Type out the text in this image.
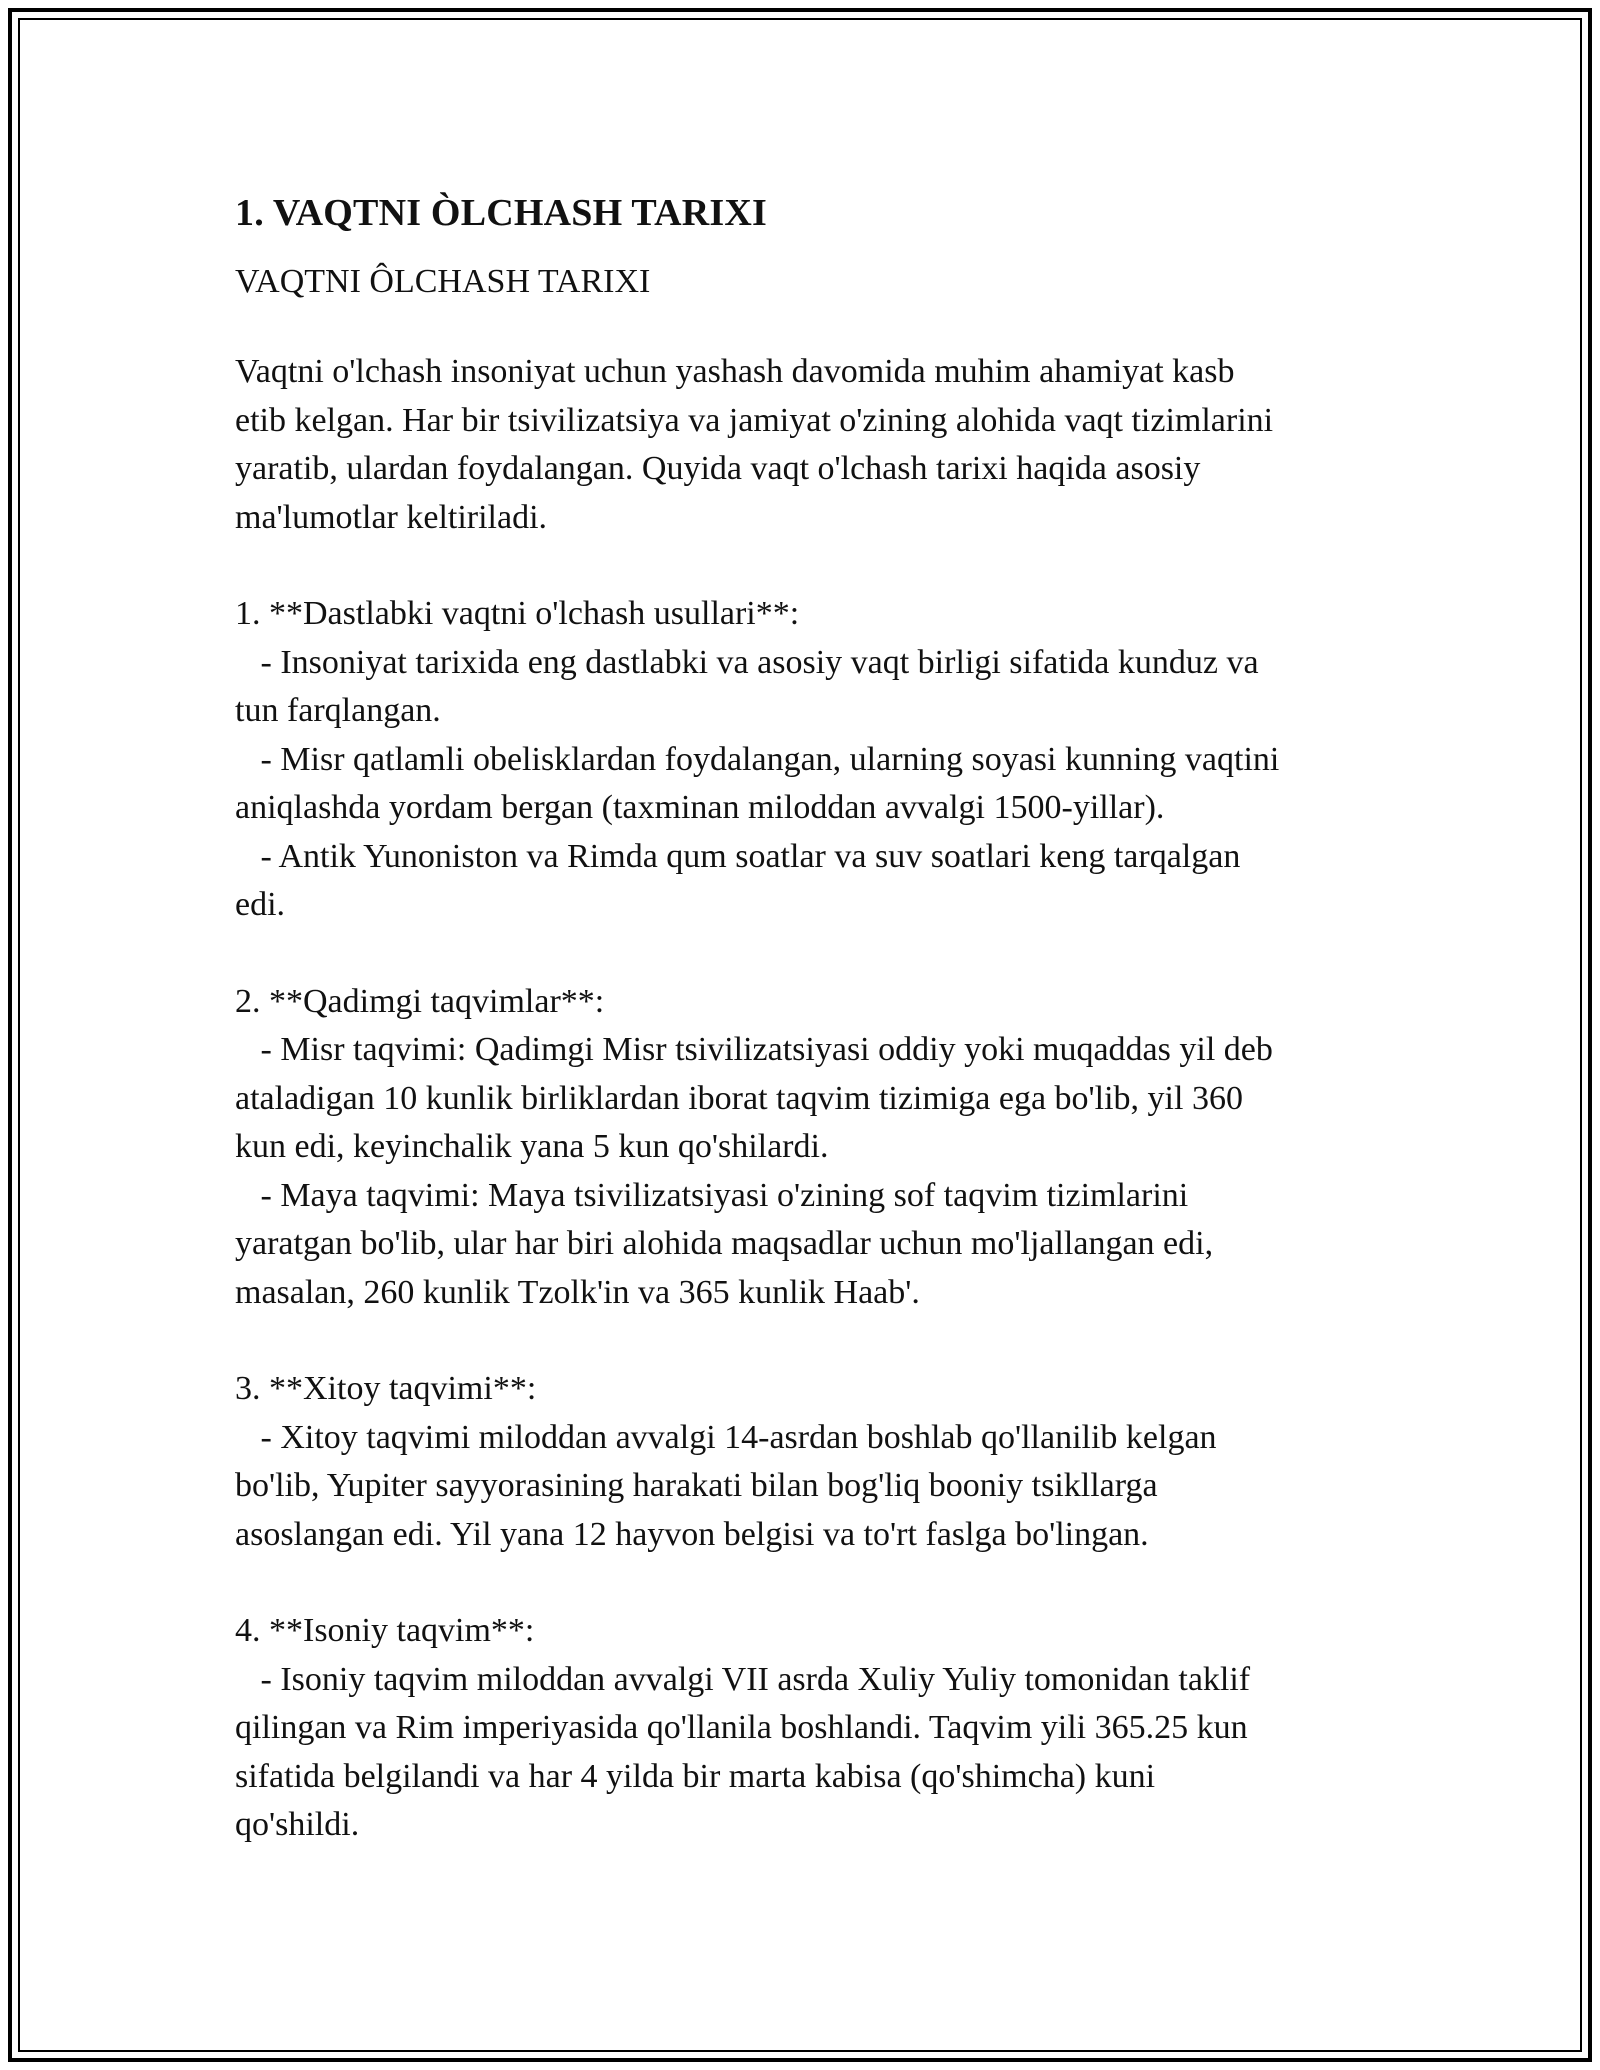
1. VAQTNI ÒLCHASH TARIXI

VAQTNI ÔLCHASH TARIXI

Vaqtni o'lchash insoniyat uchun yashash davomida muhim ahamiyat kasb
etib kelgan. Har bir tsivilizatsiya va jamiyat o'zining alohida vaqt tizimlarini
yaratib, ulardan foydalangan. Quyida vaqt o'lchash tarixi haqida asosiy
ma'lumotlar keltiriladi.
1. **Dastlabki vaqtni o'lchash usullari**:
- Insoniyat tarixida eng dastlabki va asosiy vaqt birligi sifatida kunduz va
tun farqlangan.
- Misr qatlamli obelisklardan foydalangan, ularning soyasi kunning vaqtini
aniqlashda yordam bergan (taxminan miloddan avvalgi 1500-yillar).
- Antik Yunoniston va Rimda qum soatlar va suv soatlari keng tarqalgan
edi.
2. **Qadimgi taqvimlar**:
- Misr taqvimi: Qadimgi Misr tsivilizatsiyasi oddiy yoki muqaddas yil deb
ataladigan 10 kunlik birliklardan iborat taqvim tizimiga ega bo'lib, yil 360
kun edi, keyinchalik yana 5 kun qo'shilardi.
- Maya taqvimi: Maya tsivilizatsiyasi o'zining sof taqvim tizimlarini
yaratgan bo'lib, ular har biri alohida maqsadlar uchun mo'ljallangan edi,
masalan, 260 kunlik Tzolk'in va 365 kunlik Haab'.
3. **Xitoy taqvimi**:
- Xitoy taqvimi miloddan avvalgi 14-asrdan boshlab qo'llanilib kelgan
bo'lib, Yupiter sayyorasining harakati bilan bog'liq booniy tsikllarga
asoslangan edi. Yil yana 12 hayvon belgisi va to'rt faslga bo'lingan.
4. **Isoniy taqvim**:
- Isoniy taqvim miloddan avvalgi VII asrda Xuliy Yuliy tomonidan taklif
qilingan va Rim imperiyasida qo'llanila boshlandi. Taqvim yili 365.25 kun
sifatida belgilandi va har 4 yilda bir marta kabisa (qo'shimcha) kuni
qo'shildi.
